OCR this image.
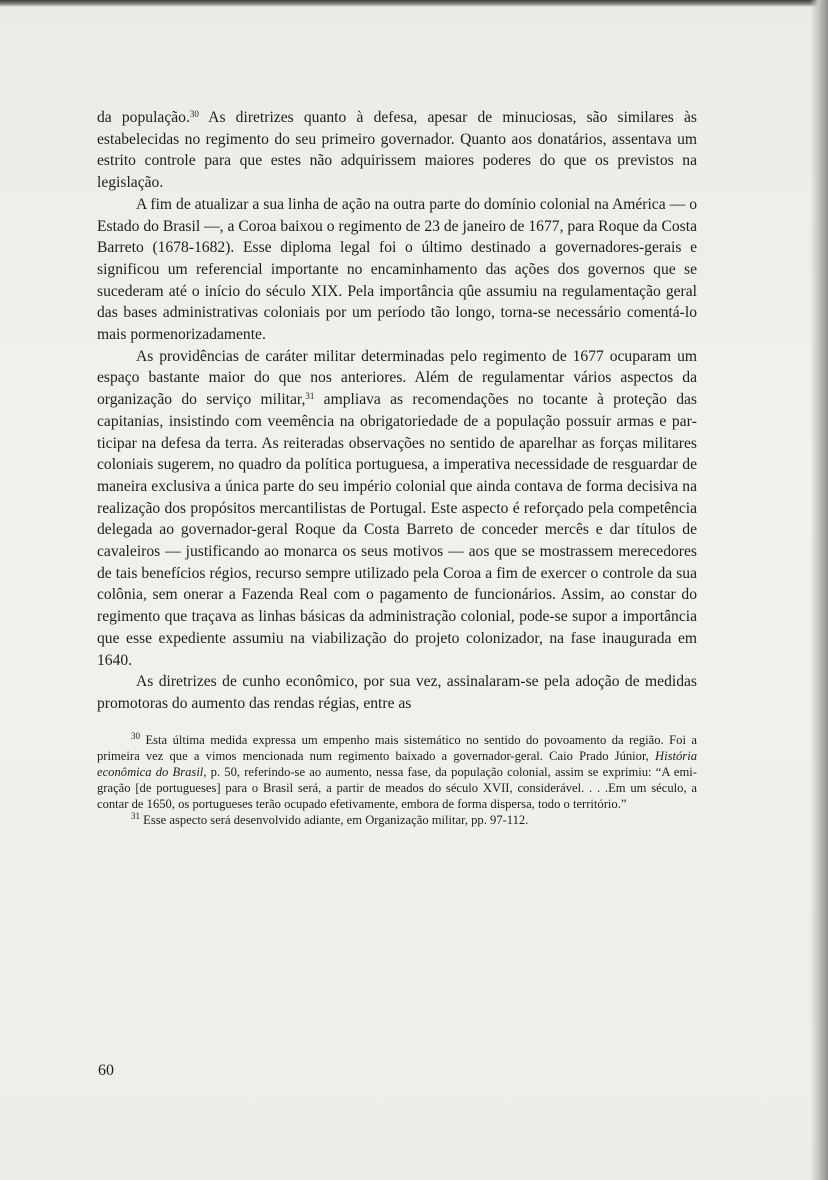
da população.$^{30}$ As diretrizes quanto à defesa, apesar de minuciosas, são similares às estabelecidas no regimento do seu primeiro governador. Quanto aos donatários, assentava um estrito controle para que estes não adquirissem maiores poderes do que os previstos na legislação.

A fim de atualizar a sua linha de ação na outra parte do domínio colonial na América — o Estado do Brasil —, a Coroa baixou o regimento de 23 de janeiro de 1677, para Roque da Costa Barreto (1678-1682). Esse diploma legal foi o último destinado a governadores-gerais e significou um referencial importante no encaminhamento das ações dos governos que se sucederam até o início do século XIX. Pela importância qûe assumiu na regulamentação geral das bases administrativas coloniais por um período tão longo, torna-se necessário comentá-lo mais pormenorizadamente.

As providências de caráter militar determinadas pelo regimento de 1677 ocuparam um espaço bastante maior do que nos anteriores. Além de regulamentar vários aspectos da organização do serviço militar,$^{31}$ ampliava as recomendações no tocante à proteção das capitanias, insistindo com veemência na obrigatoriedade de a população possuir armas e participar na defesa da terra. As reiteradas observações no sentido de aparelhar as forças militares coloniais sugerem, no quadro da política portuguesa, a imperativa necessidade de resguardar de maneira exclusiva a única parte do seu império colonial que ainda contava de forma decisiva na realização dos propósitos mercantilistas de Portugal. Este aspecto é reforçado pela competência delegada ao governador-geral Roque da Costa Barreto de conceder mercês e dar títulos de cavaleiros — justificando ao monarca os seus motivos — aos que se mostrassem merecedores de tais benefícios régios, recurso sempre utilizado pela Coroa a fim de exercer o controle da sua colônia, sem onerar a Fazenda Real com o pagamento de funcionários. Assim, ao constar do regimento que traçava as linhas básicas da administração colonial, pode-se supor a importância que esse expediente assumiu na viabilização do projeto colonizador, na fase inaugurada em 1640.

As diretrizes de cunho econômico, por sua vez, assinalaram-se pela adoção de medidas promotoras do aumento das rendas régias, entre as

$^{30}$ Esta última medida expressa um empenho mais sistemático no sentido do povoamento da região. Foi a primeira vez que a vimos mencionada num regimento baixado a governador-geral. Caio Prado Júnior, História econômica do Brasil, p. 50, referindo-se ao aumento, nessa fase, da população colonial, assim se exprimiu: “A emigração [de portugueses] para o Brasil será, a partir de meados do século XVII, considerável. . . .Em um século, a contar de 1650, os portugueses terão ocupado efetivamente, embora de forma dispersa, todo o território.”

$^{31}$ Esse aspecto será desenvolvido adiante, em Organização militar, pp. 97-112.

60
